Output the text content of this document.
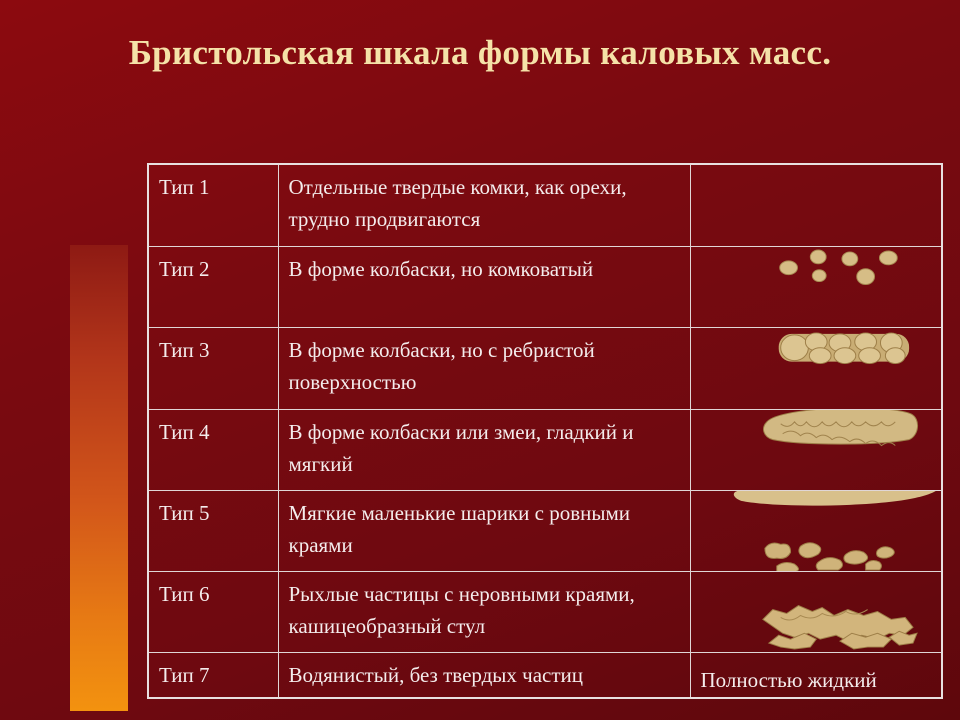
Бристольская шкала формы каловых масс.
Тип 1	Отдельные твердые комки, как орехи, трудно продвигаются	
Тип 2	В форме колбаски, но комковатый	

Тип 3	В форме колбаски, но с ребристой поверхностью	

Тип 4	В форме колбаски или змеи, гладкий и мягкий	

Тип 5	Мягкие маленькие шарики с ровными краями	

Тип 6	Рыхлые частицы с неровными краями, кашицеобразный стул	

Тип 7	Водянистый, без твердых частиц	Полностью жидкий
